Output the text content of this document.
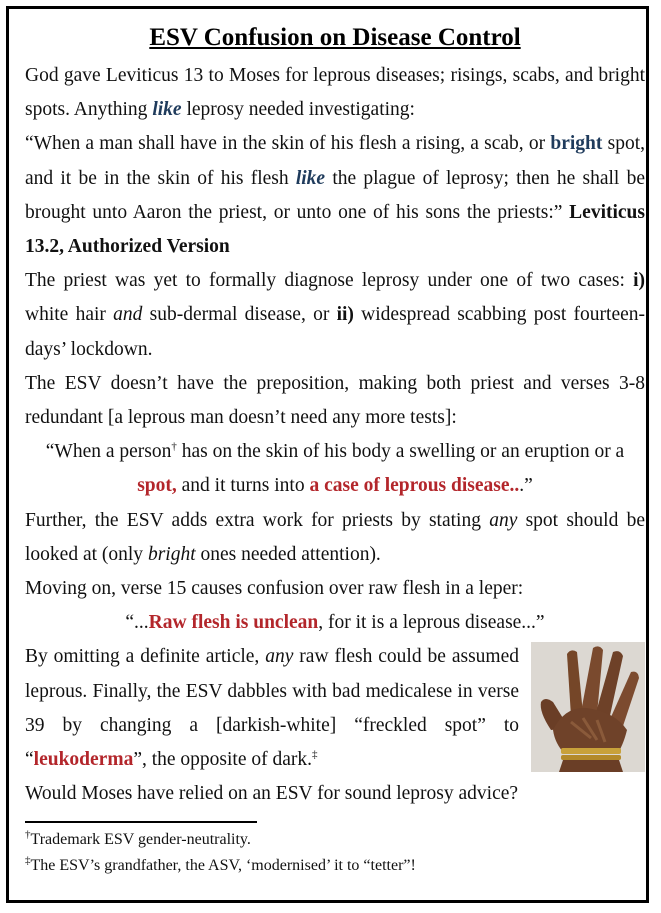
ESV Confusion on Disease Control

God gave Leviticus 13 to Moses for leprous diseases; risings, scabs, and bright spots. Anything like leprosy needed investigating:

“When a man shall have in the skin of his flesh a rising, a scab, or bright spot, and it be in the skin of his flesh like the plague of leprosy; then he shall be brought unto Aaron the priest, or unto one of his sons the priests:” Leviticus 13.2, Authorized Version

The priest was yet to formally diagnose leprosy under one of two cases: i) white hair and sub-dermal disease, or ii) widespread scabbing post fourteen-days’ lockdown.

The ESV doesn’t have the preposition, making both priest and verses 3-8 redundant [a leprous man doesn’t need any more tests]:

“When a person† has on the skin of his body a swelling or an eruption or a spot, and it turns into a case of leprous disease...”

Further, the ESV adds extra work for priests by stating any spot should be looked at (only bright ones needed attention).

Moving on, verse 15 causes confusion over raw flesh in a leper:

“...Raw flesh is unclean, for it is a leprous disease...”

By omitting a definite article, any raw flesh could be assumed leprous. Finally, the ESV dabbles with bad medicalese in verse 39 by changing a [darkish-white] “freckled spot” to “leukoderma”, the opposite of dark.‡

Would Moses have relied on an ESV for sound leprosy advice?

†Trademark ESV gender-neutrality.
‡The ESV’s grandfather, the ASV, ‘modernised’ it to “tetter”!
